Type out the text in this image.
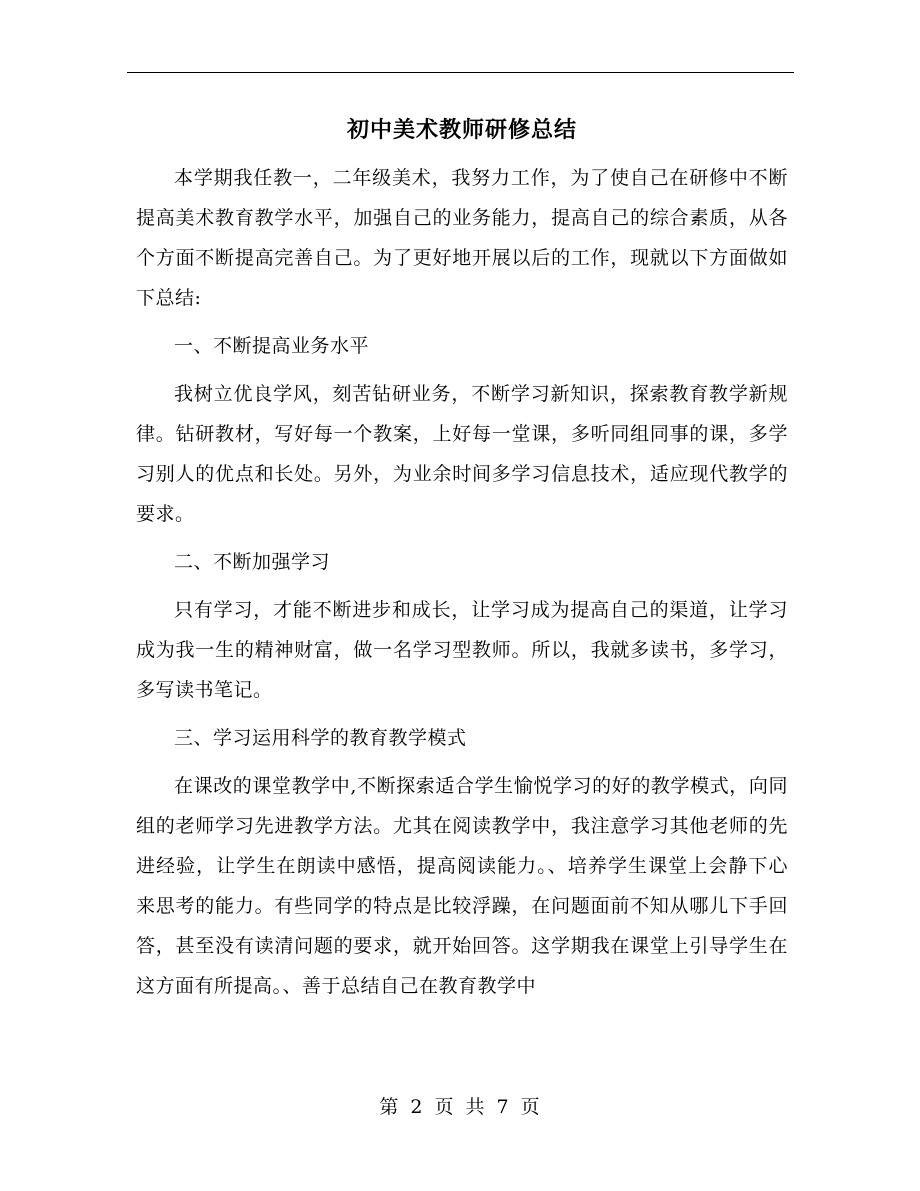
初中美术教师研修总结

本学期我任教一，二年级美术，我努力工作，为了使自己在研修中不断提高美术教育教学水平，加强自己的业务能力，提高自己的综合素质，从各个方面不断提高完善自己。为了更好地开展以后的工作，现就以下方面做如下总结:

一、不断提高业务水平

我树立优良学风，刻苦钻研业务，不断学习新知识，探索教育教学新规律。钻研教材，写好每一个教案，上好每一堂课，多听同组同事的课，多学习别人的优点和长处。另外，为业余时间多学习信息技术，适应现代教学的要求。

二、不断加强学习

只有学习，才能不断进步和成长，让学习成为提高自己的渠道，让学习成为我一生的精神财富，做一名学习型教师。所以，我就多读书，多学习，多写读书笔记。

三、学习运用科学的教育教学模式

在课改的课堂教学中,不断探索适合学生愉悦学习的好的教学模式，向同组的老师学习先进教学方法。尤其在阅读教学中，我注意学习其他老师的先进经验，让学生在朗读中感悟，提高阅读能力。、培养学生课堂上会静下心来思考的能力。有些同学的特点是比较浮躁，在问题面前不知从哪儿下手回答，甚至没有读清问题的要求，就开始回答。这学期我在课堂上引导学生在这方面有所提高。、善于总结自己在教育教学中

第 2 页 共 7 页
